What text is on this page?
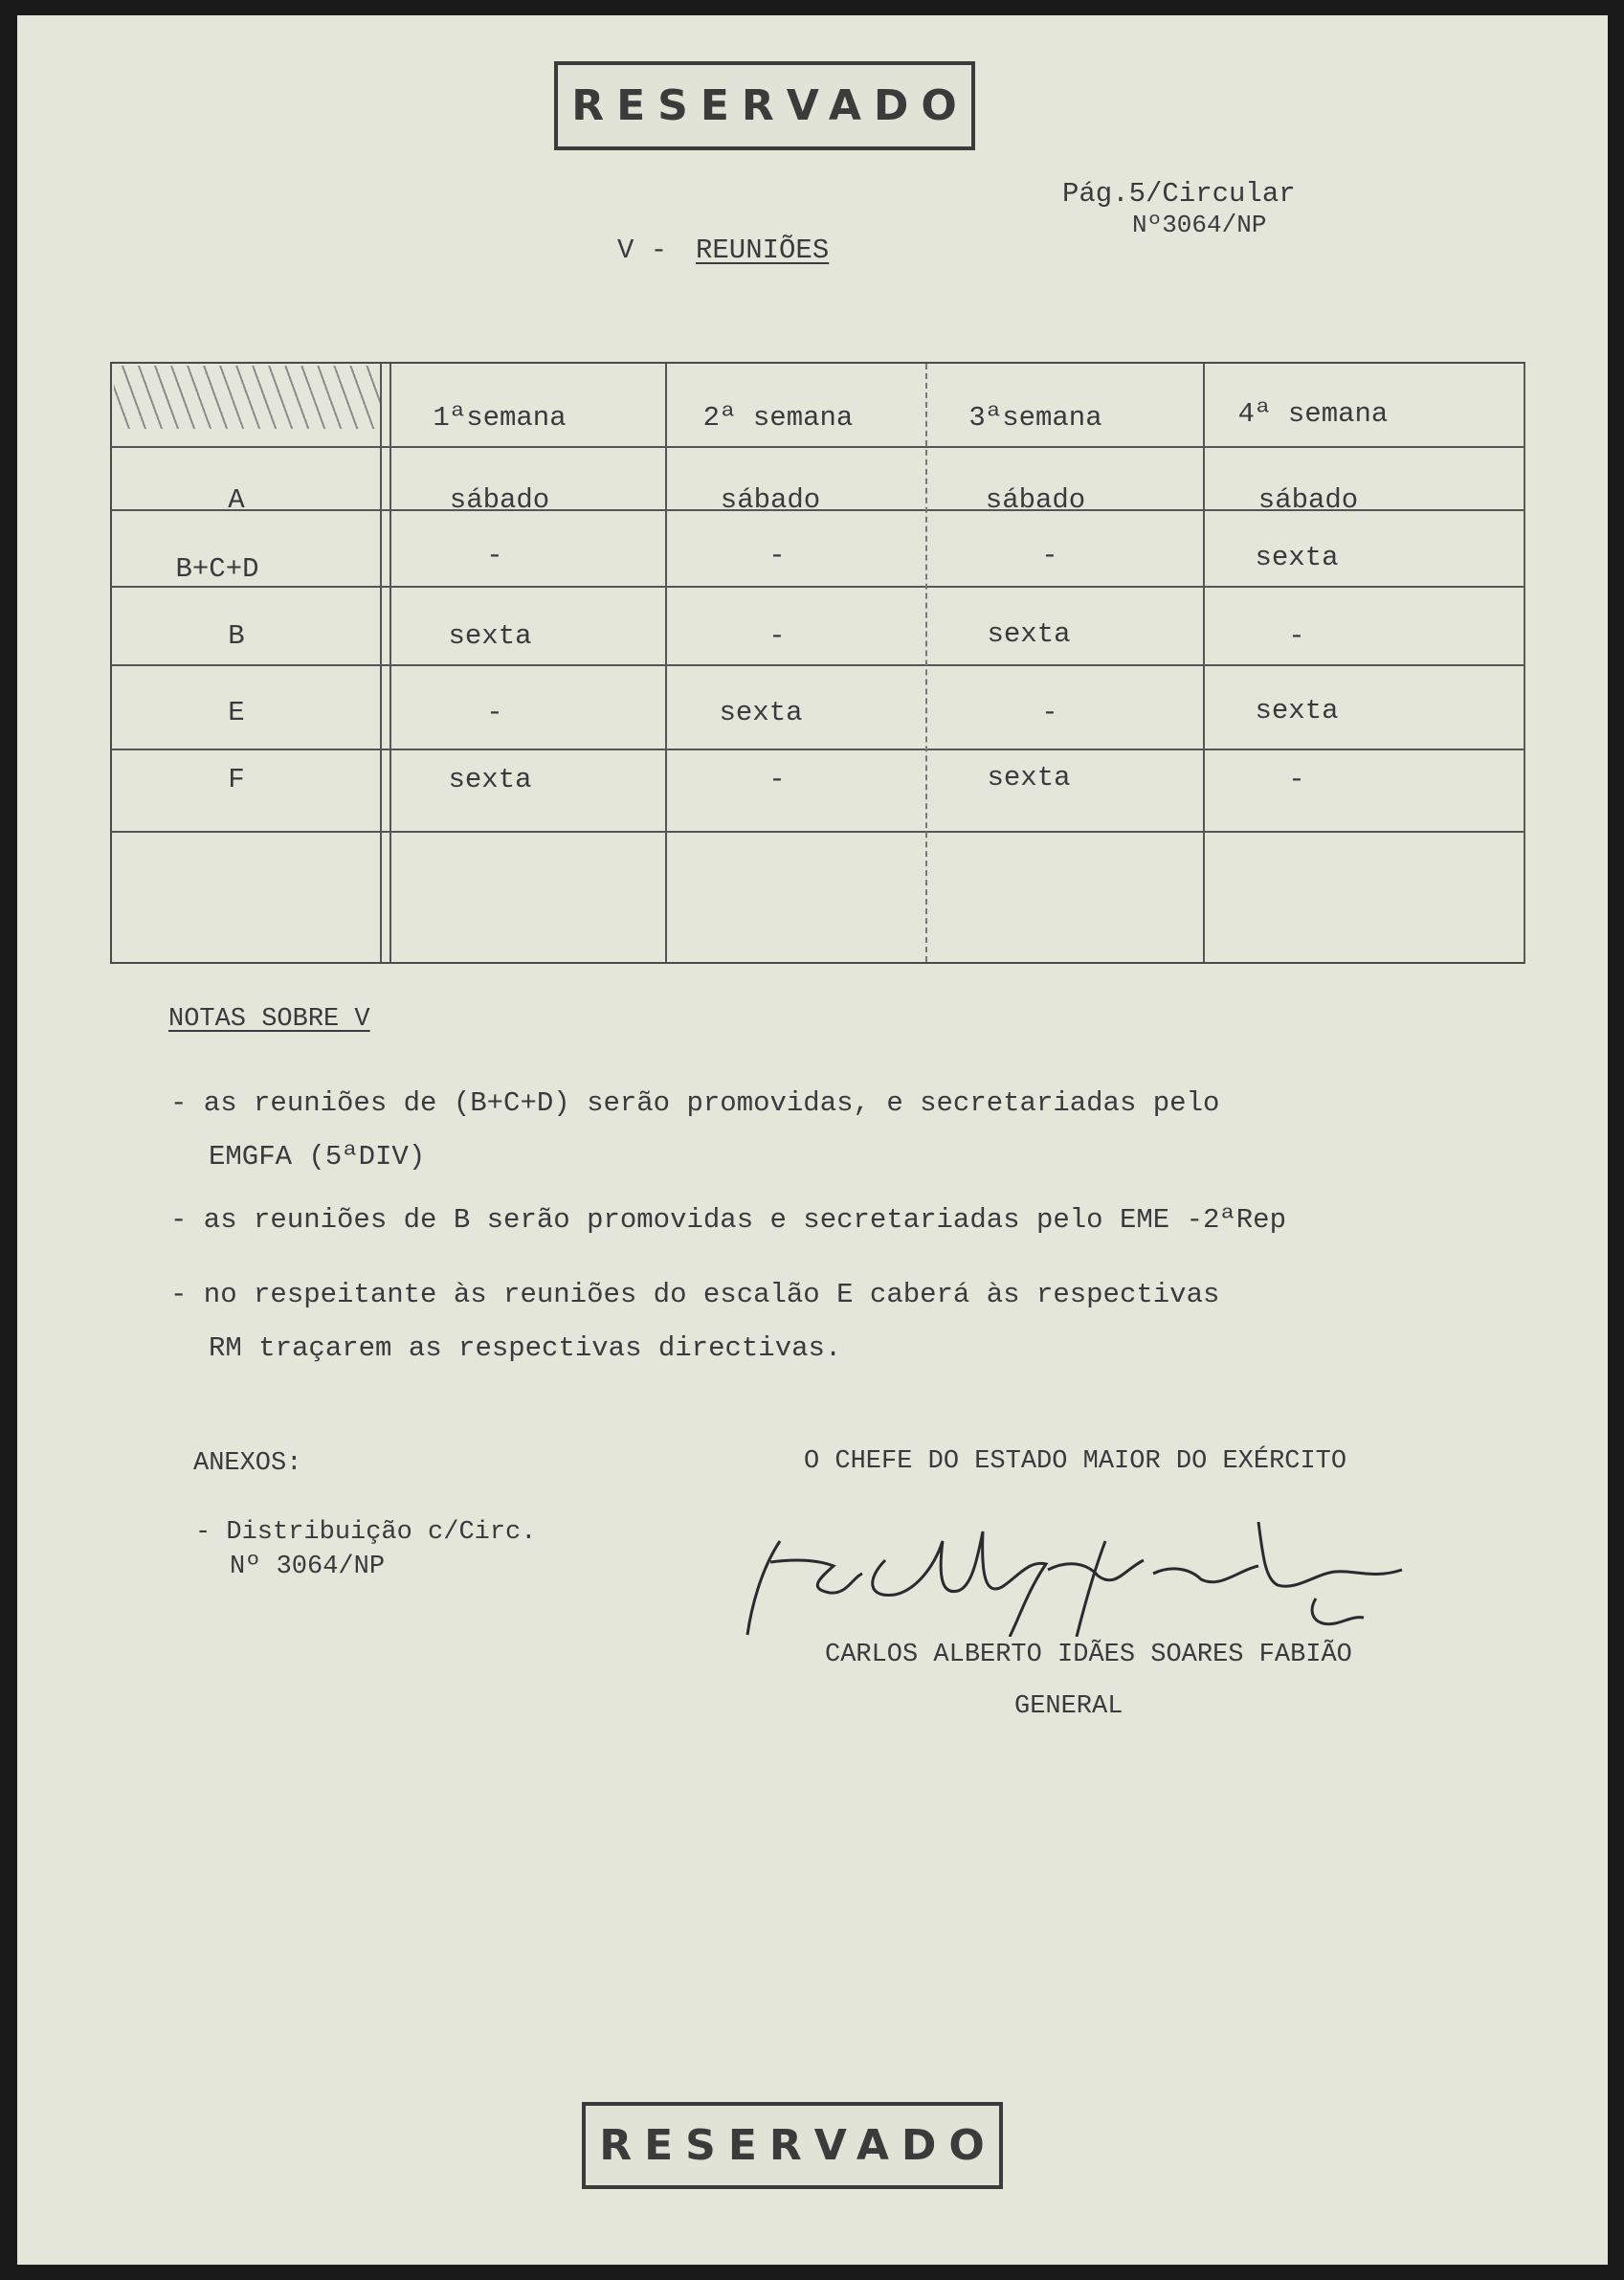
RESERVADO
Pág.5/Circular
Nº3064/NP
V - REUNIÕES
1ªsemana	2ª semana	3ªsemana	4ª semana
A	sábado	sábado	sábado	sábado
B+C+D	-	-	-	sexta
B	sexta	-	sexta	-
E	-	sexta	-	sexta
F	sexta	-	sexta	-
NOTAS SOBRE V
- as reuniões de (B+C+D) serão promovidas, e secretariadas pelo
EMGFA (5ªDIV)
- as reuniões de B serão promovidas e secretariadas pelo EME -2ªRep
- no respeitante às reuniões do escalão E caberá às respectivas
RM traçarem as respectivas directivas.
ANEXOS:
- Distribuição c/Circ.
Nº 3064/NP
O CHEFE DO ESTADO MAIOR DO EXÉRCITO
CARLOS ALBERTO IDÃES SOARES FABIÃO
GENERAL
RESERVADO
